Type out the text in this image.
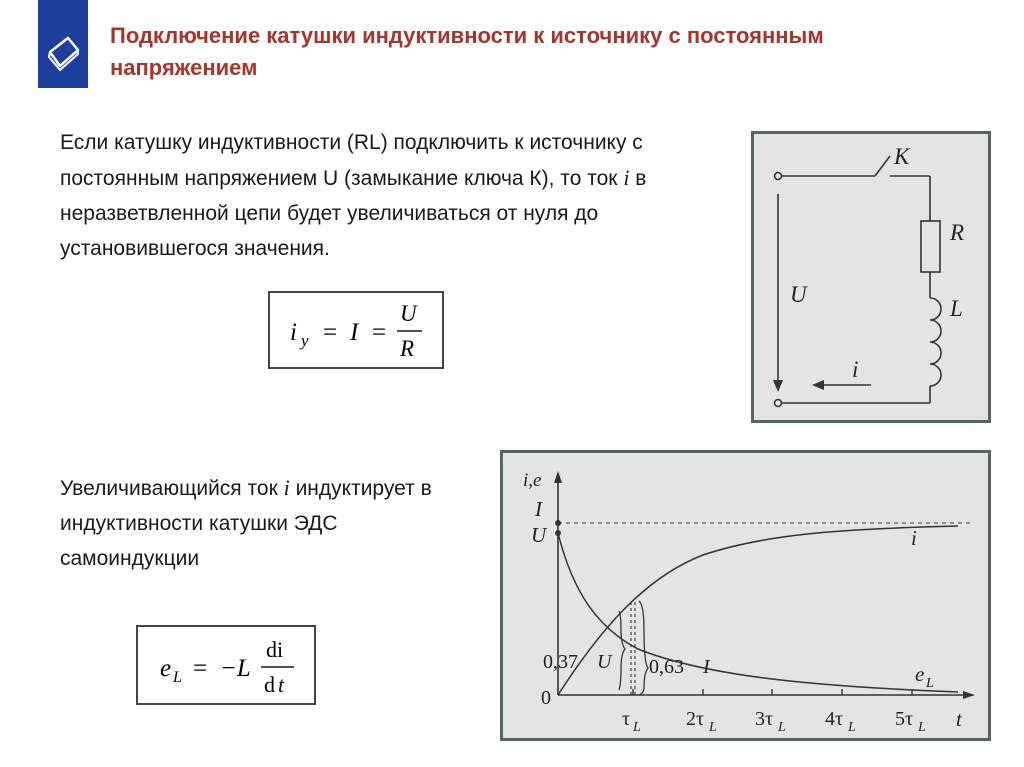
Подключение катушки индуктивности к источнику с постоянным напряжением
Если катушку индуктивности (RL) подключить к источнику с постоянным напряжением U (замыкание ключа К), то ток i в неразветвленной цепи будет увеличиваться от нуля до установившегося значения.
i y = I =
U
R
Увеличивающийся ток i индуктирует в индуктивности катушки ЭДС самоиндукции
e L = −L
di
d t
K
R
L
U
i
i,e
I
U
0
i
e L
0,37 U 0,63 I
t
τ L 2τ L 3τ L 4τ L 5τ L
